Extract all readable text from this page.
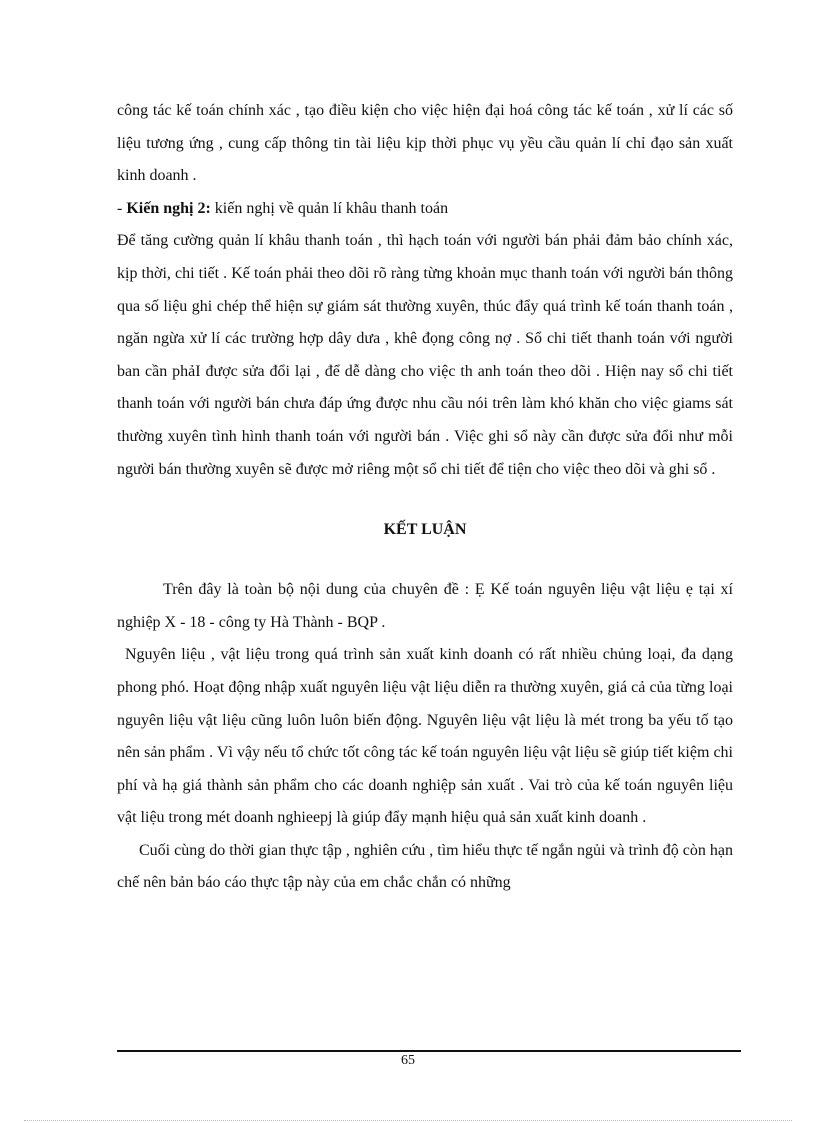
công tác kế toán chính xác , tạo điều kiện cho việc hiện đại hoá công tác kế toán , xử lí các số liệu tương ứng , cung cấp thông tin tài liệu kịp thời phục vụ yều cầu quản lí chỉ đạo sản xuất kinh doanh .

- Kiến nghị 2: kiến nghị về quản lí khâu thanh toán

Để tăng cường quản lí khâu thanh toán , thì hạch toán với người bán phải đảm bảo chính xác, kịp thời, chi tiết . Kế toán phải theo dõi rõ ràng từng khoản mục thanh toán với người bán thông qua số liệu ghi chép thể hiện sự giám sát thường xuyên, thúc đẩy quá trình kế toán thanh toán , ngăn ngừa xử lí các trường hợp dây dưa , khê đọng công nợ . Sổ chi tiết thanh toán với người ban cần phảI được sửa đổi lại , để dễ dàng cho việc th anh toán theo dõi . Hiện nay sổ chi tiết thanh toán với người bán chưa đáp ứng được nhu cầu nói trên làm khó khăn cho việc giams sát thường xuyên tình hình thanh toán với người bán . Việc ghi sổ này cần được sửa đổi như mỗi người bán thường xuyên sẽ được mở riêng một sổ chi tiết để tiện cho việc theo dõi và ghi sổ .

KẾT LUẬN

Trên đây là toàn bộ nội dung của chuyên đề : Ẹ Kế toán nguyên liệu vật liệu ẹ tại xí nghiệp X - 18 - công ty Hà Thành - BQP .

Nguyên liệu , vật liệu trong quá trình sản xuất kinh doanh có rất nhiều chủng loại, đa dạng phong phó. Hoạt động nhập xuất nguyên liệu vật liệu diễn ra thường xuyên, giá cả của từng loại nguyên liệu vật liệu cũng luôn luôn biến động. Nguyên liệu vật liệu là mét trong ba yếu tố tạo nên sản phẩm . Vì vậy nếu tổ chức tốt công tác kế toán nguyên liệu vật liệu sẽ giúp tiết kiệm chi phí và hạ giá thành sản phẩm cho các doanh nghiệp sản xuất . Vai trò của kế toán nguyên liệu vật liệu trong mét doanh nghieepj là giúp đẩy mạnh hiệu quả sản xuất kinh doanh .

Cuối cùng do thời gian thực tập , nghiên cứu , tìm hiểu thực tế ngắn ngủi và trình độ còn hạn chế nên bản báo cáo thực tập này của em chắc chắn có những

65
